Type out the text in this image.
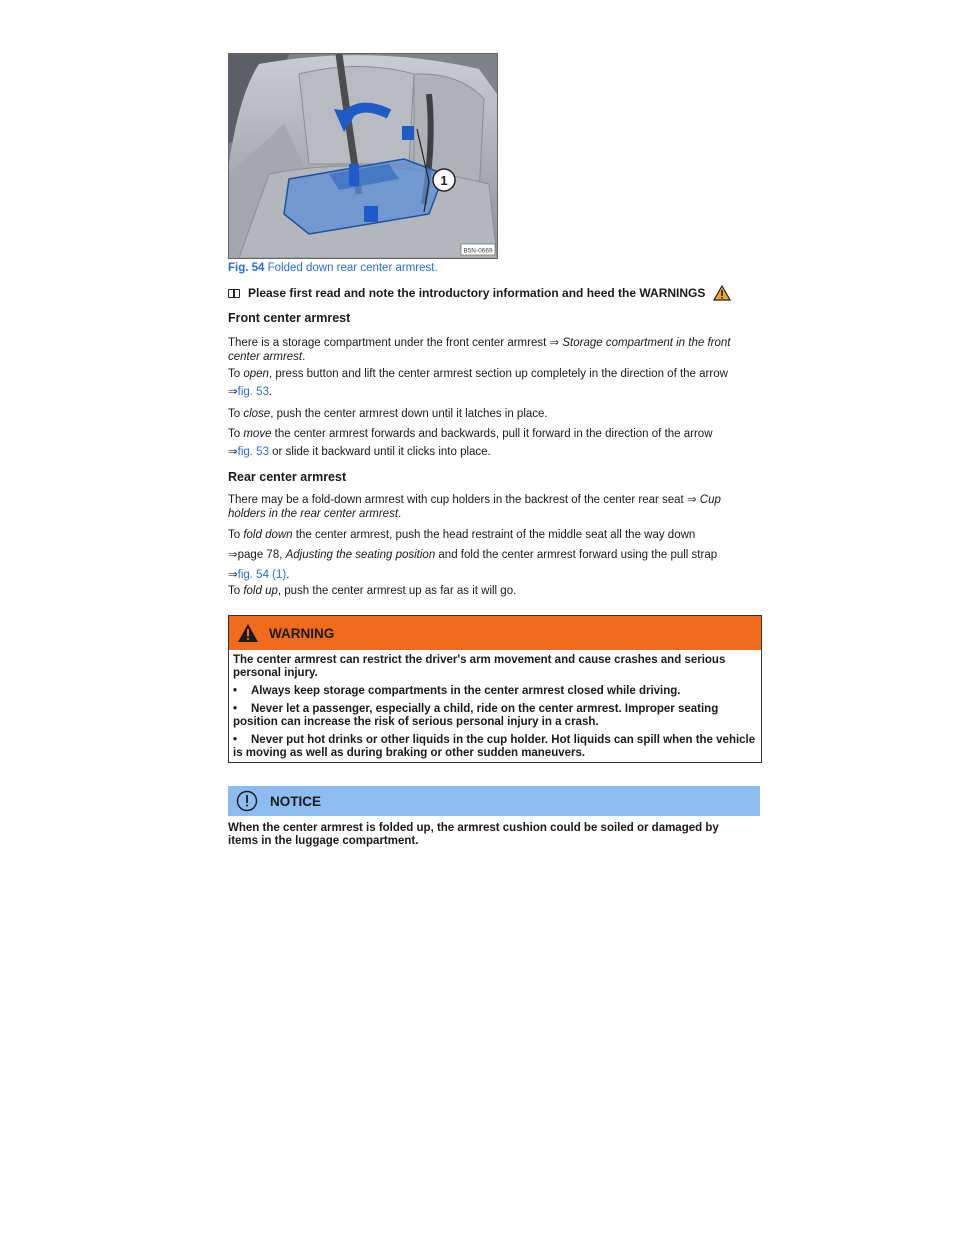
1
B5N-0669
Fig. 54 Folded down rear center armrest.
Please first read and note the introductory information and heed the WARNINGS
Front center armrest

There is a storage compartment under the front center armrest ⇒ Storage compartment in the front center armrest.

To open, press button and lift the center armrest section up completely in the direction of the arrow
⇒fig. 53.

To close, push the center armrest down until it latches in place.

To move the center armrest forwards and backwards, pull it forward in the direction of the arrow
⇒fig. 53 or slide it backward until it clicks into place.

Rear center armrest

There may be a fold-down armrest with cup holders in the backrest of the center rear seat ⇒ Cup holders in the rear center armrest.

To fold down the center armrest, push the head restraint of the middle seat all the way down
⇒page 78, Adjusting the seating position and fold the center armrest forward using the pull strap
⇒fig. 54 (1).

To fold up, push the center armrest up as far as it will go.

WARNING
The center armrest can restrict the driver's arm movement and cause crashes and serious personal injury.
•	Always keep storage compartments in the center armrest closed while driving.
• Never let a passenger, especially a child, ride on the center armrest. Improper seating position can increase the risk of serious personal injury in a crash.
• Never put hot drinks or other liquids in the cup holder. Hot liquids can spill when the vehicle is moving as well as during braking or other sudden maneuvers.
NOTICE
When the center armrest is folded up, the armrest cushion could be soiled or damaged by items in the luggage compartment.
